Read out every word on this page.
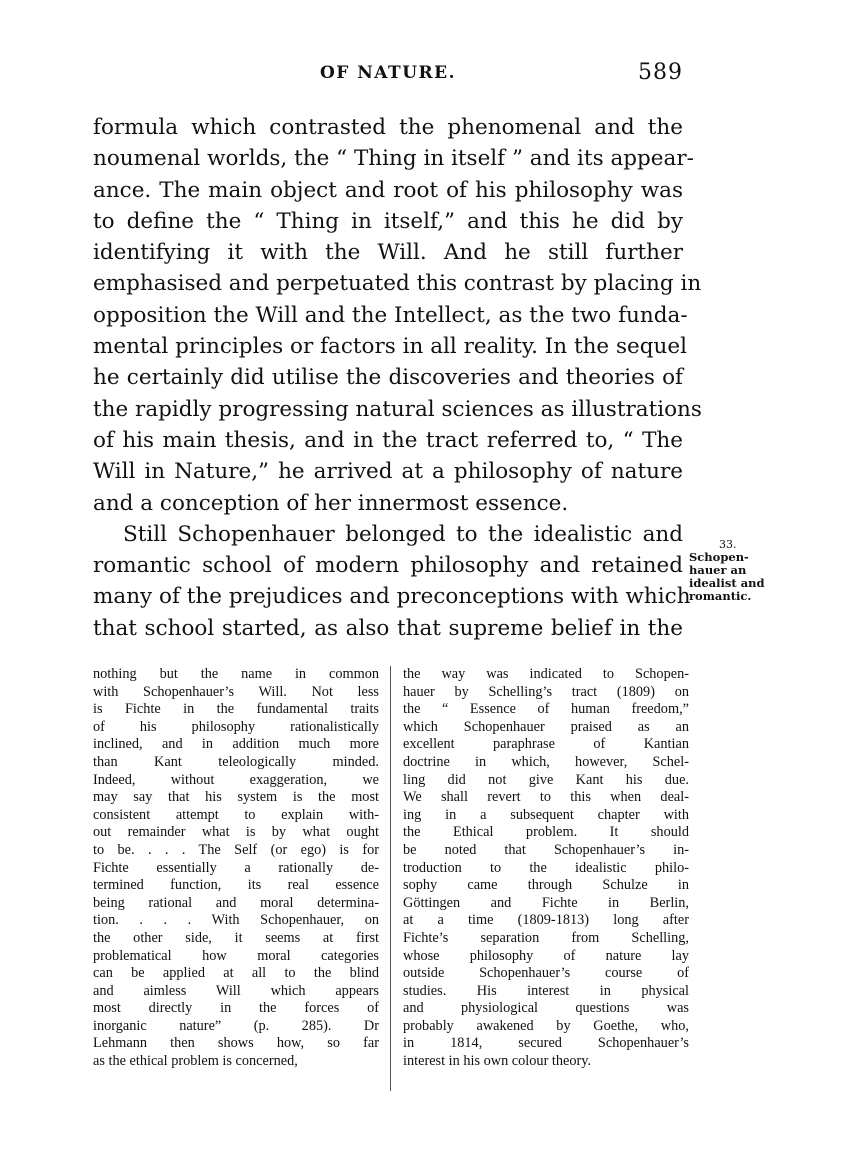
OF NATURE.	589
formula which contrasted the phenomenal and the
noumenal worlds, the “ Thing in itself ” and its appear-
ance. The main object and root of his philosophy was
to define the “ Thing in itself,” and this he did by
identifying it with the Will. And he still further
emphasised and perpetuated this contrast by placing in
opposition the Will and the Intellect, as the two funda-
mental principles or factors in all reality. In the sequel
he certainly did utilise the discoveries and theories of
the rapidly progressing natural sciences as illustrations
of his main thesis, and in the tract referred to, “ The
Will in Nature,” he arrived at a philosophy of nature
and a conception of her innermost essence.
Still Schopenhauer belonged to the idealistic and
romantic school of modern philosophy and retained
many of the prejudices and preconceptions with which
that school started, as also that supreme belief in the
33.
Schopen-
hauer an
idealist and
romantic.
nothing but the name in common
with Schopenhauer’s Will. Not less
is Fichte in the fundamental traits
of his philosophy rationalistically
inclined, and in addition much more
than Kant teleologically minded.
Indeed, without exaggeration, we
may say that his system is the most
consistent attempt to explain with-
out remainder what is by what ought
to be. . . . The Self (or ego) is for
Fichte essentially a rationally de-
termined function, its real essence
being rational and moral determina-
tion. . . . With Schopenhauer, on
the other side, it seems at first
problematical how moral categories
can be applied at all to the blind
and aimless Will which appears
most directly in the forces of
inorganic nature” (p. 285). Dr
Lehmann then shows how, so far
as the ethical problem is concerned,
the way was indicated to Schopen-
hauer by Schelling’s tract (1809) on
the “ Essence of human freedom,”
which Schopenhauer praised as an
excellent paraphrase of Kantian
doctrine in which, however, Schel-
ling did not give Kant his due.
We shall revert to this when deal-
ing in a subsequent chapter with
the Ethical problem. It should
be noted that Schopenhauer’s in-
troduction to the idealistic philo-
sophy came through Schulze in
Göttingen and Fichte in Berlin,
at a time (1809-1813) long after
Fichte’s separation from Schelling,
whose philosophy of nature lay
outside Schopenhauer’s course of
studies. His interest in physical
and physiological questions was
probably awakened by Goethe, who,
in 1814, secured Schopenhauer’s
interest in his own colour theory.
